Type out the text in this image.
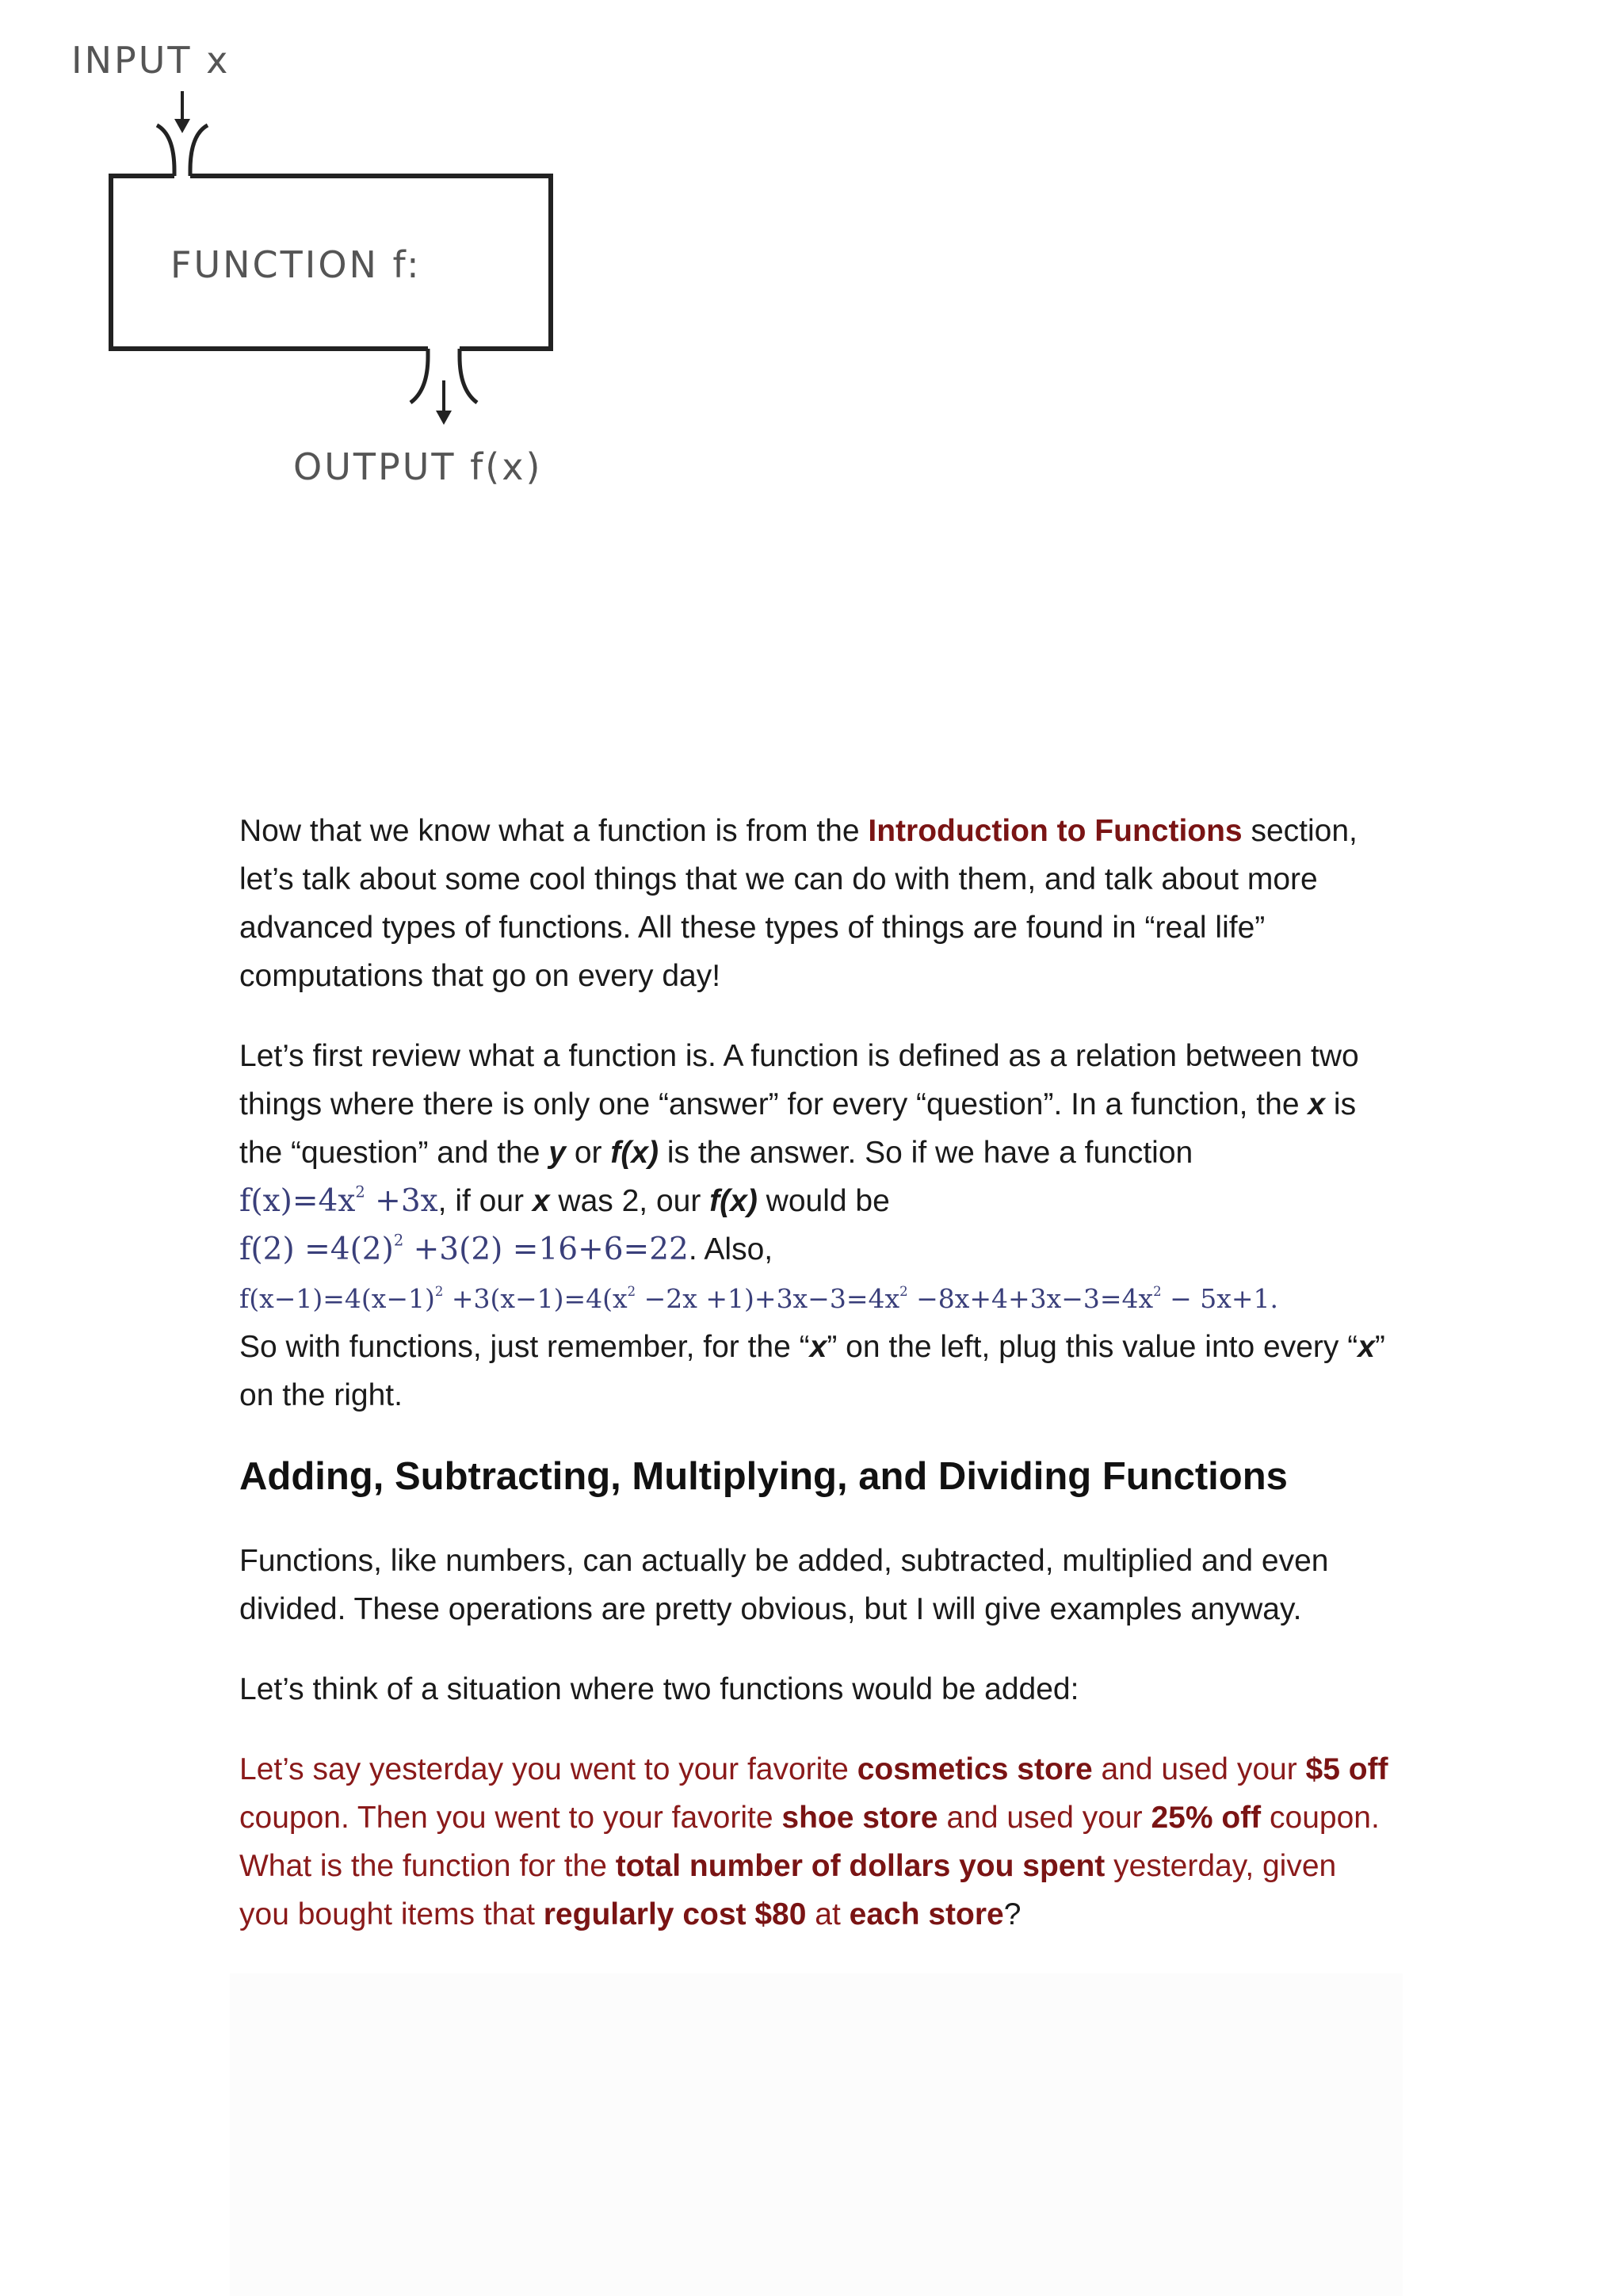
INPUT x
FUNCTION f:
OUTPUT f(x)

Now that we know what a function is from the Introduction to Functions section, let’s talk about some cool things that we can do with them, and talk about more advanced types of functions. All these types of things are found in “real life” computations that go on every day!

Let’s first review what a function is. A function is defined as a relation between two things where there is only one “answer” for every “question”. In a function, the x is the “question” and the y or f(x) is the answer. So if we have a function
$f(x)=4x^2 +3x$, if our x was 2, our f(x) would be
$f(2) =4(2)^2 +3(2) =16+6=22$. Also,
$f(x-1)=4(x-1)^2 +3(x-1)=4(x^2 -2x +1)+3x-3=4x^2 -8x+4+3x-3=4x^2 - 5x+1$.
So with functions, just remember, for the “x” on the left, plug this value into every “x” on the right.

Adding, Subtracting, Multiplying, and Dividing Functions

Functions, like numbers, can actually be added, subtracted, multiplied and even divided. These operations are pretty obvious, but I will give examples anyway.

Let’s think of a situation where two functions would be added:

Let’s say yesterday you went to your favorite cosmetics store and used your $5 off coupon. Then you went to your favorite shoe store and used your 25% off coupon. What is the function for the total number of dollars you spent yesterday, given you bought items that regularly cost $80 at each store?
